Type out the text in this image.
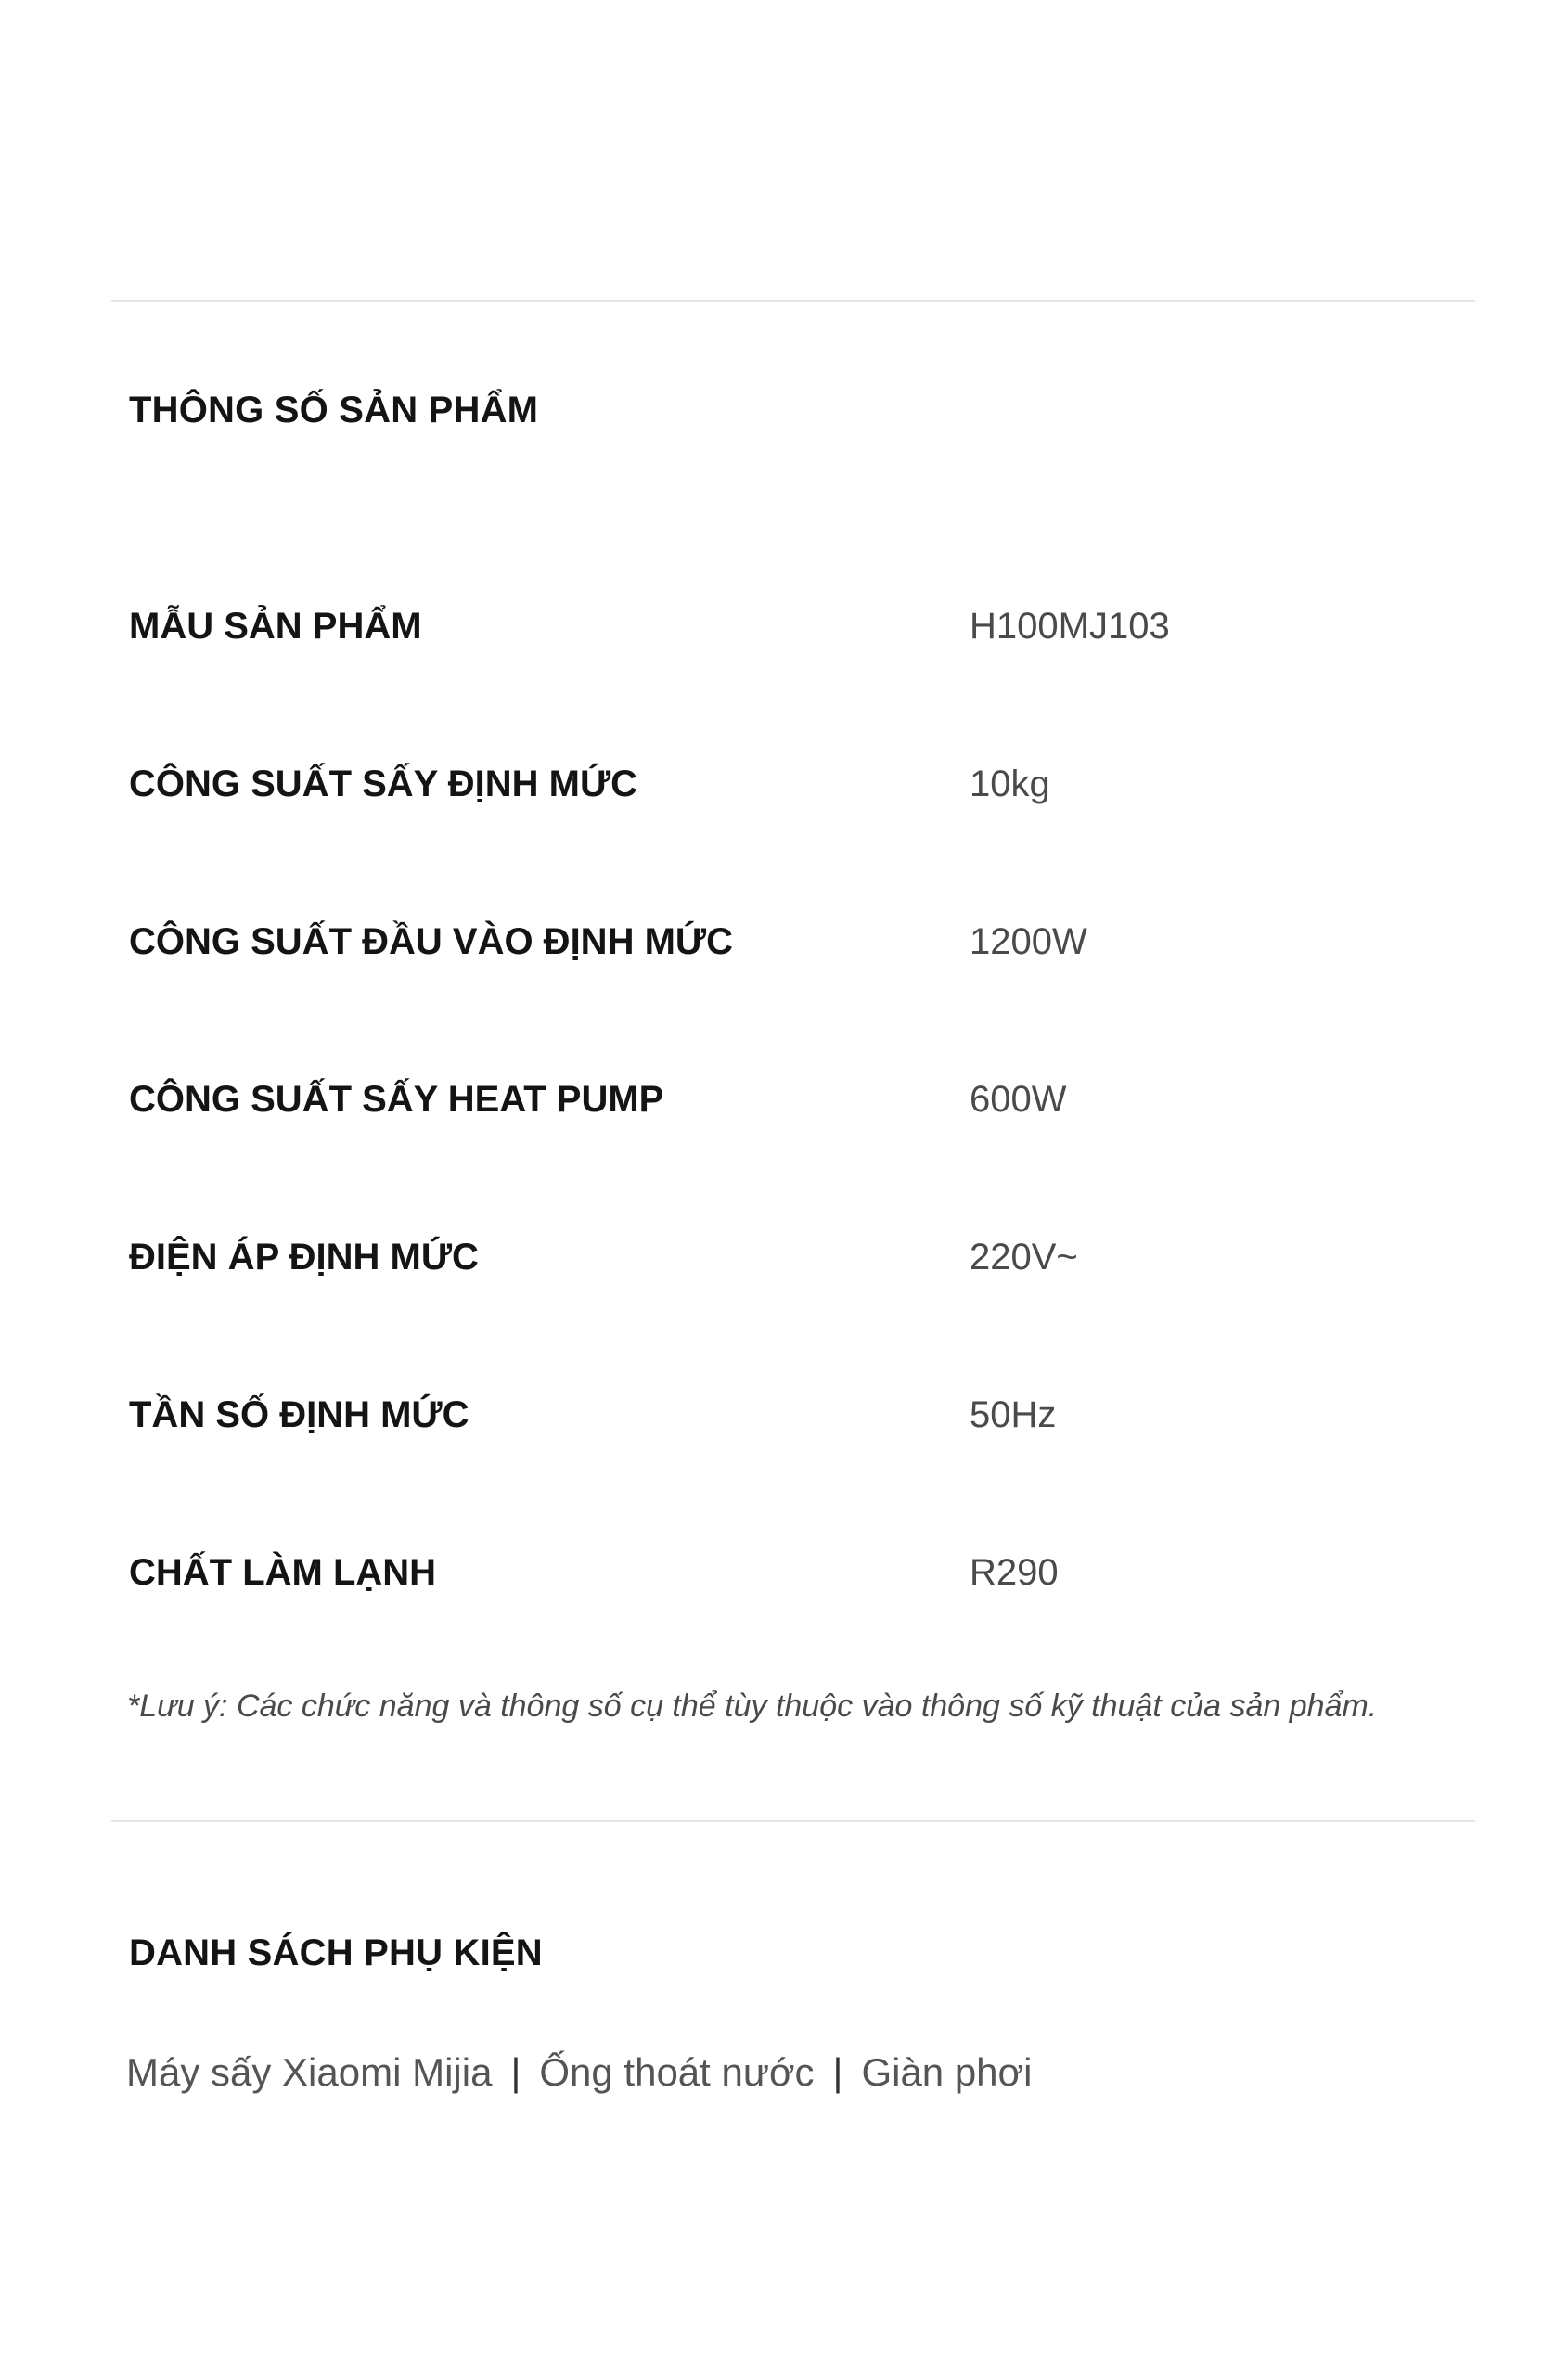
THÔNG SỐ SẢN PHẨM
MẪU SẢN PHẨM	H100MJ103
CÔNG SUẤT SẤY ĐỊNH MỨC	10kg
CÔNG SUẤT ĐẦU VÀO ĐỊNH MỨC	1200W
CÔNG SUẤT SẤY HEAT PUMP	600W
ĐIỆN ÁP ĐỊNH MỨC	220V~
TẦN SỐ ĐỊNH MỨC	50Hz
CHẤT LÀM LẠNH	R290
*Lưu ý: Các chức năng và thông số cụ thể tùy thuộc vào thông số kỹ thuật của sản phẩm.
DANH SÁCH PHỤ KIỆN
Máy sấy Xiaomi Mijia | Ống thoát nước | Giàn phơi
